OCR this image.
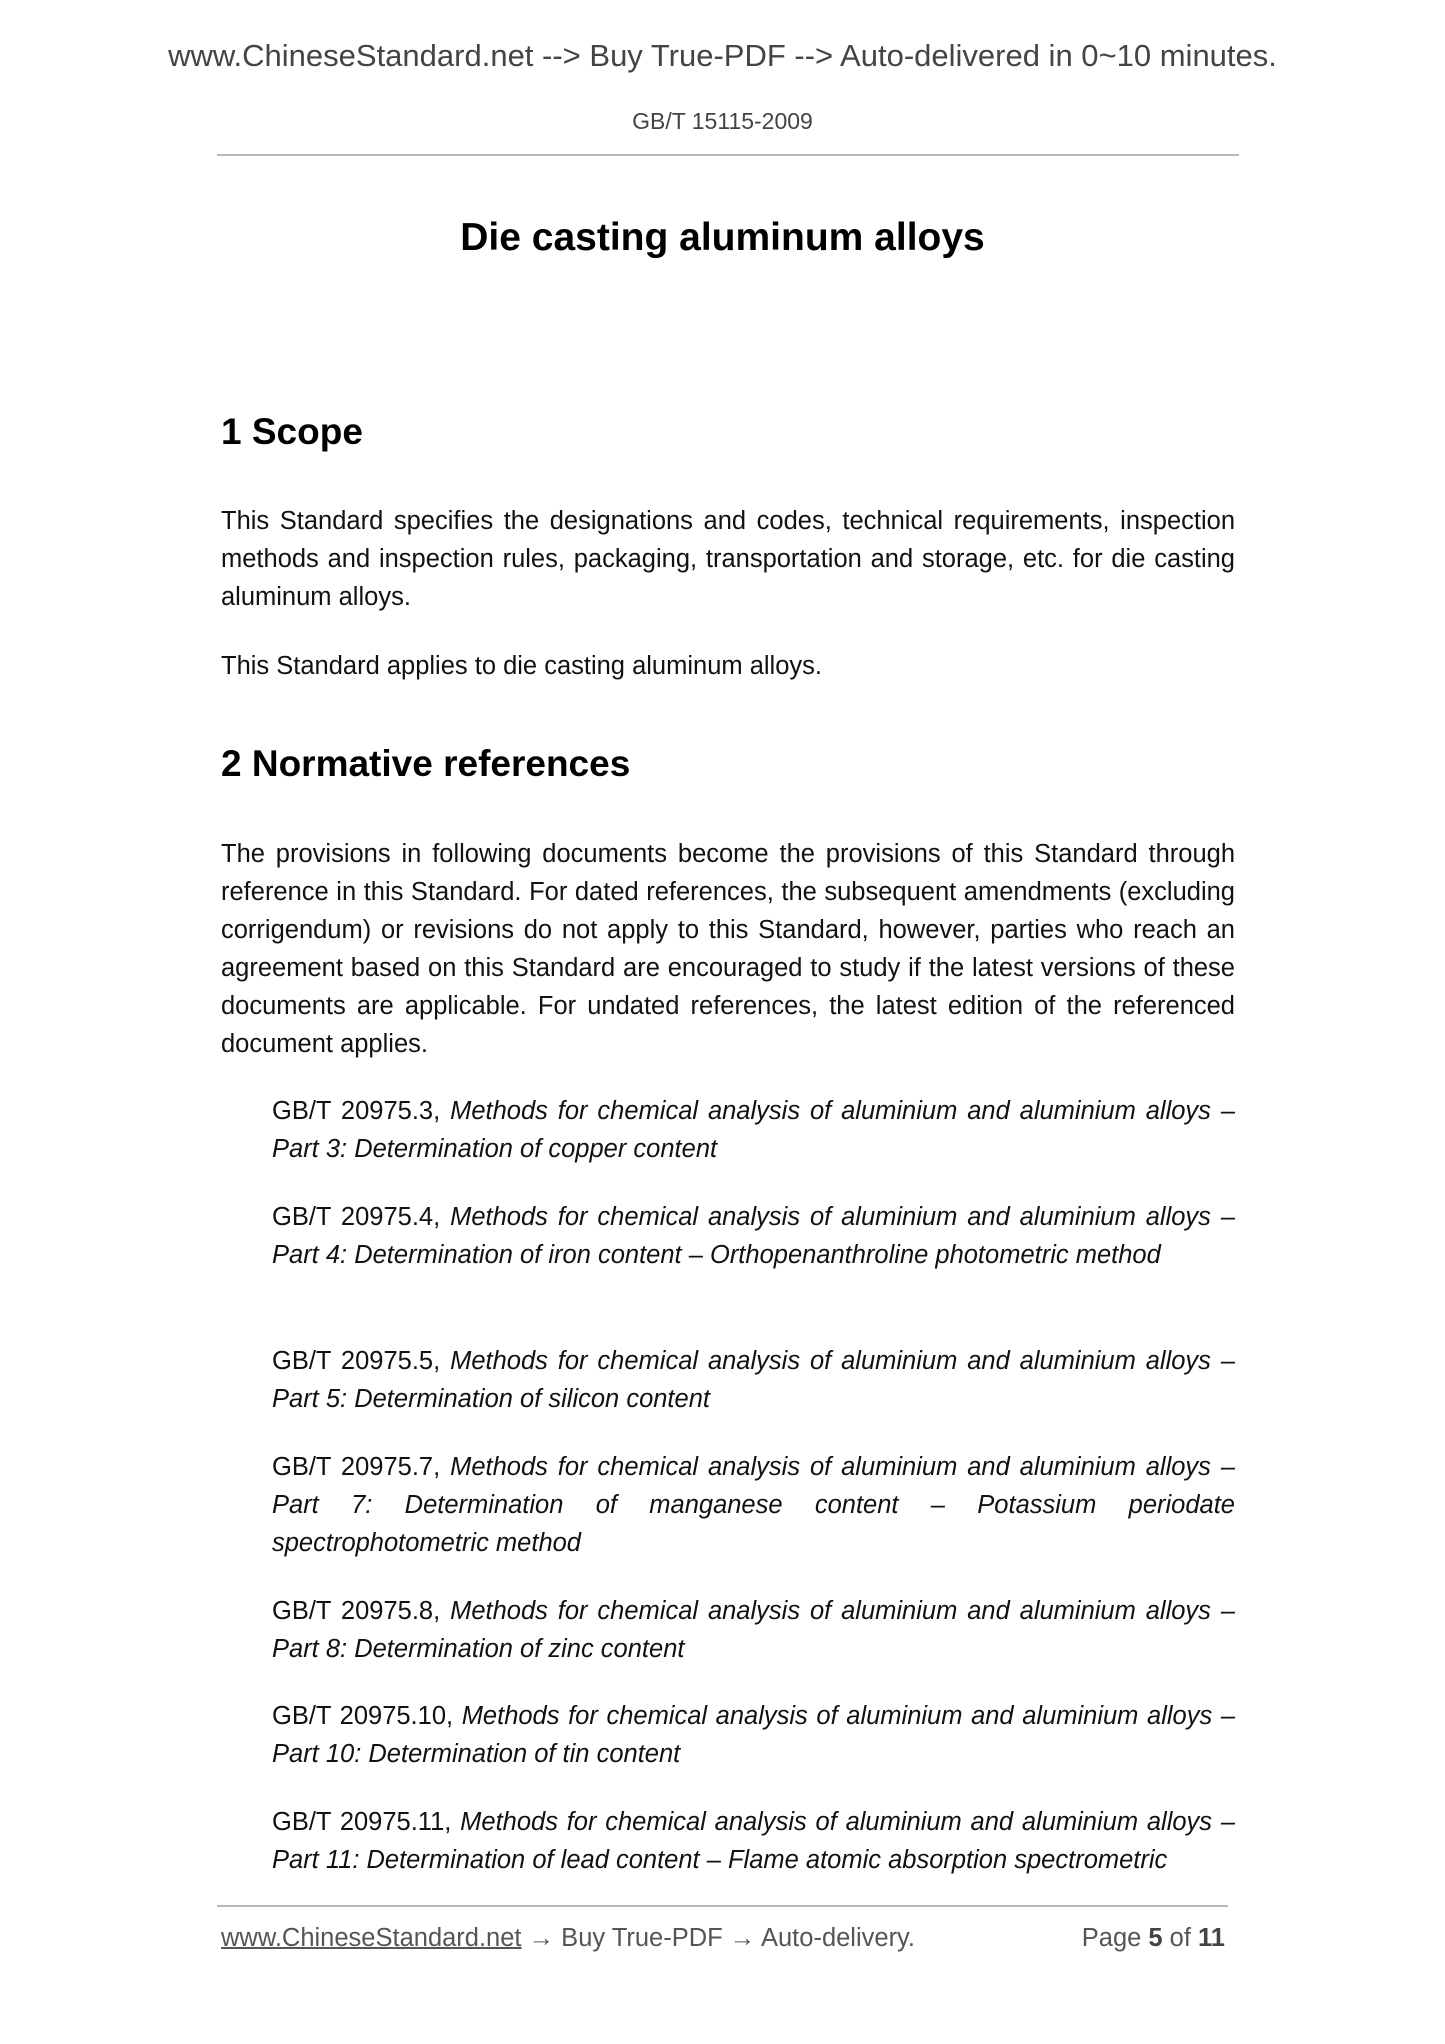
www.ChineseStandard.net --> Buy True-PDF --> Auto-delivered in 0~10 minutes.
GB/T 15115-2009
Die casting aluminum alloys
1 Scope

This Standard specifies the designations and codes, technical requirements, inspection methods and inspection rules, packaging, transportation and storage, etc. for die casting aluminum alloys.

This Standard applies to die casting aluminum alloys.

2 Normative references

The provisions in following documents become the provisions of this Standard through reference in this Standard. For dated references, the subsequent amendments (excluding corrigendum) or revisions do not apply to this Standard, however, parties who reach an agreement based on this Standard are encouraged to study if the latest versions of these documents are applicable. For undated references, the latest edition of the referenced document applies.

GB/T 20975.3, Methods for chemical analysis of aluminium and aluminium alloys – Part 3: Determination of copper content
GB/T 20975.4, Methods for chemical analysis of aluminium and aluminium alloys – Part 4: Determination of iron content – Orthopenanthroline photometric method
GB/T 20975.5, Methods for chemical analysis of aluminium and aluminium alloys – Part 5: Determination of silicon content
GB/T 20975.7, Methods for chemical analysis of aluminium and aluminium alloys – Part 7: Determination of manganese content – Potassium periodate spectrophotometric method
GB/T 20975.8, Methods for chemical analysis of aluminium and aluminium alloys – Part 8: Determination of zinc content
GB/T 20975.10, Methods for chemical analysis of aluminium and aluminium alloys – Part 10: Determination of tin content
GB/T 20975.11, Methods for chemical analysis of aluminium and aluminium alloys – Part 11: Determination of lead content – Flame atomic absorption spectrometric
www.ChineseStandard.net → Buy True-PDF → Auto-delivery.	Page 5 of 11
